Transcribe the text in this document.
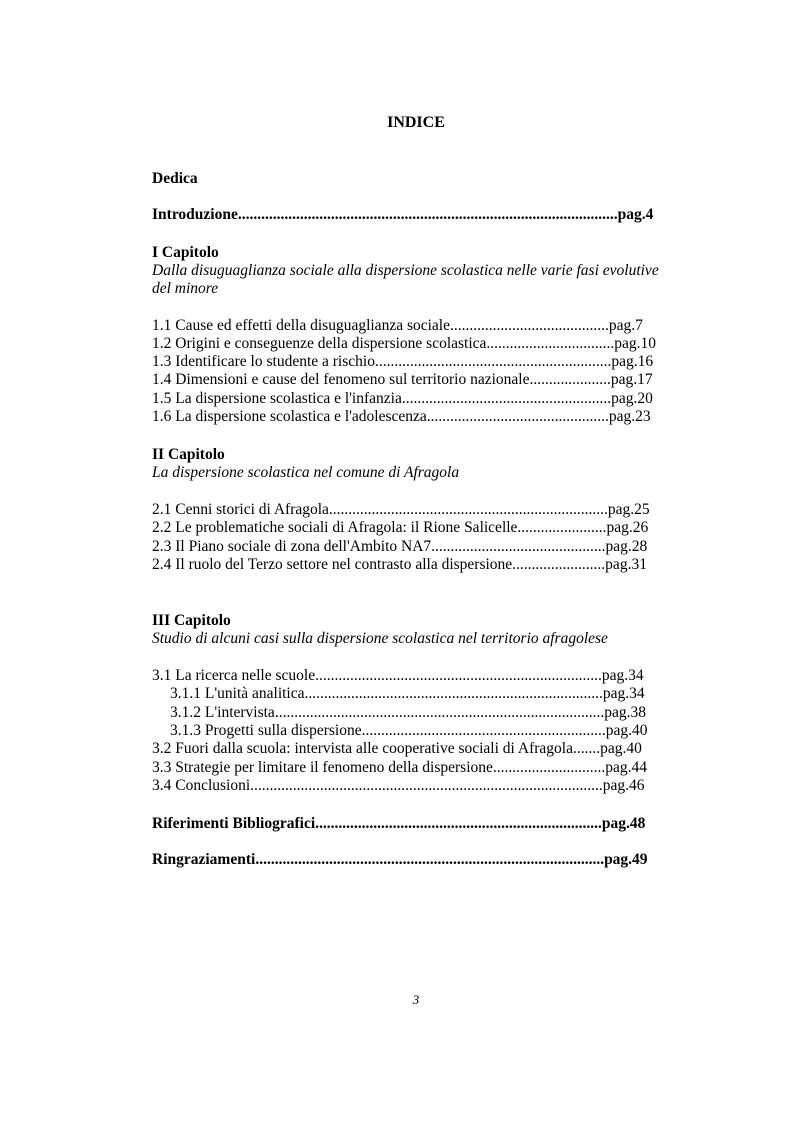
INDICE
Dedica
Introduzione..................................................................................................pag.4
I Capitolo
Dalla disuguaglianza sociale alla dispersione scolastica nelle varie fasi evolutive
del minore
1.1 Cause ed effetti della disuguaglianza sociale.........................................pag.7
1.2 Origini e conseguenze della dispersione scolastica.................................pag.10
1.3 Identificare lo studente a rischio.............................................................pag.16
1.4 Dimensioni e cause del fenomeno sul territorio nazionale.....................pag.17
1.5 La dispersione scolastica e l'infanzia......................................................pag.20
1.6 La dispersione scolastica e l'adolescenza...............................................pag.23
II Capitolo
La dispersione scolastica nel comune di Afragola
2.1 Cenni storici di Afragola........................................................................pag.25
2.2 Le problematiche sociali di Afragola: il Rione Salicelle.......................pag.26
2.3 Il Piano sociale di zona dell'Ambito NA7.............................................pag.28
2.4 Il ruolo del Terzo settore nel contrasto alla dispersione........................pag.31
III Capitolo
Studio di alcuni casi sulla dispersione scolastica nel territorio afragolese
3.1 La ricerca nelle scuole..........................................................................pag.34
3.1.1 L'unità analitica.............................................................................pag.34
3.1.2 L'intervista.....................................................................................pag.38
3.1.3 Progetti sulla dispersione...............................................................pag.40
3.2 Fuori dalla scuola: intervista alle cooperative sociali di Afragola.......pag.40
3.3 Strategie per limitare il fenomeno della dispersione.............................pag.44
3.4 Conclusioni...........................................................................................pag.46
Riferimenti Bibliografici..........................................................................pag.48
Ringraziamenti..........................................................................................pag.49
3
